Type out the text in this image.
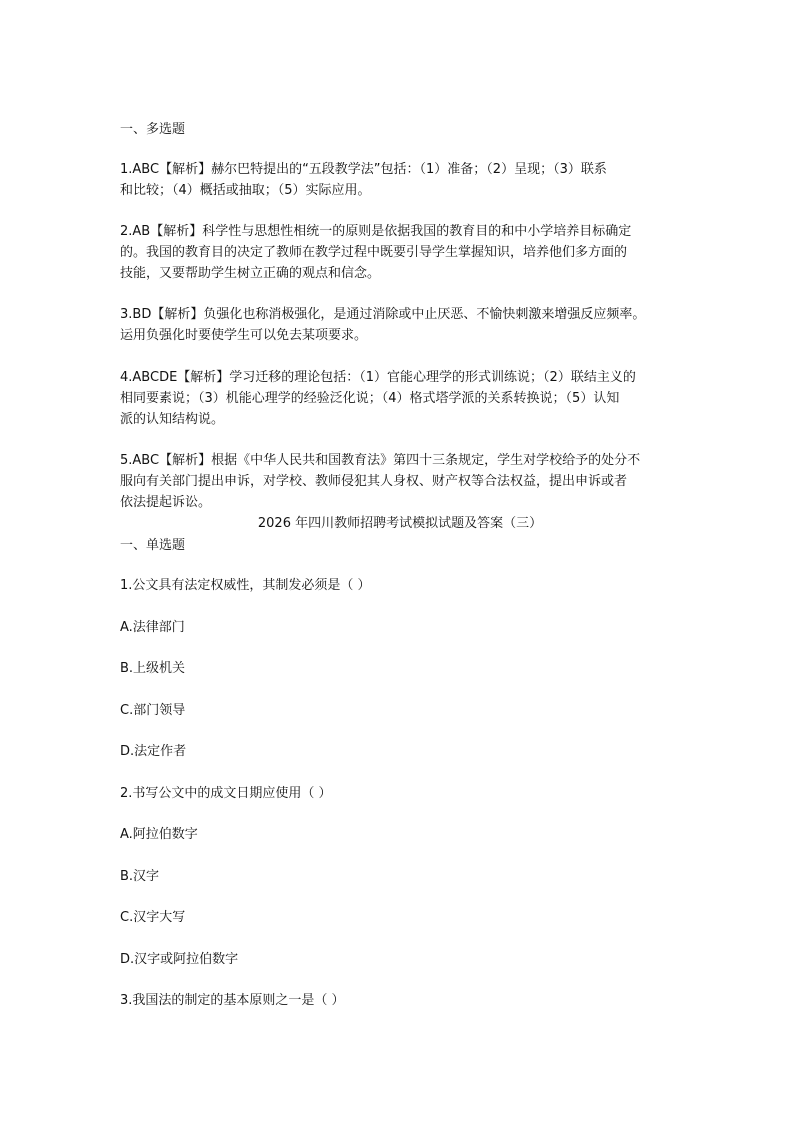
一、多选题
1.ABC【解析】赫尔巴特提出的“五段教学法”包括：（1）准备；（2）呈现；（3）联系
和比较；（4）概括或抽取；（5）实际应用。
2.AB【解析】科学性与思想性相统一的原则是依据我国的教育目的和中小学培养目标确定
的。我国的教育目的决定了教师在教学过程中既要引导学生掌握知识，培养他们多方面的
技能，又要帮助学生树立正确的观点和信念。
3.BD【解析】负强化也称消极强化，是通过消除或中止厌恶、不愉快刺激来增强反应频率。
运用负强化时要使学生可以免去某项要求。
4.ABCDE【解析】学习迁移的理论包括：（1）官能心理学的形式训练说；（2）联结主义的
相同要素说；（3）机能心理学的经验泛化说；（4）格式塔学派的关系转换说；（5）认知
派的认知结构说。
5.ABC【解析】根据《中华人民共和国教育法》第四十三条规定，学生对学校给予的处分不
服向有关部门提出申诉，对学校、教师侵犯其人身权、财产权等合法权益，提出申诉或者
依法提起诉讼。
2026 年四川教师招聘考试模拟试题及答案（三）
一、单选题
1.公文具有法定权威性，其制发必须是（ ）
A.法律部门
B.上级机关
C.部门领导
D.法定作者
2.书写公文中的成文日期应使用（ ）
A.阿拉伯数字
B.汉字
C.汉字大写
D.汉字或阿拉伯数字
3.我国法的制定的基本原则之一是（ ）
